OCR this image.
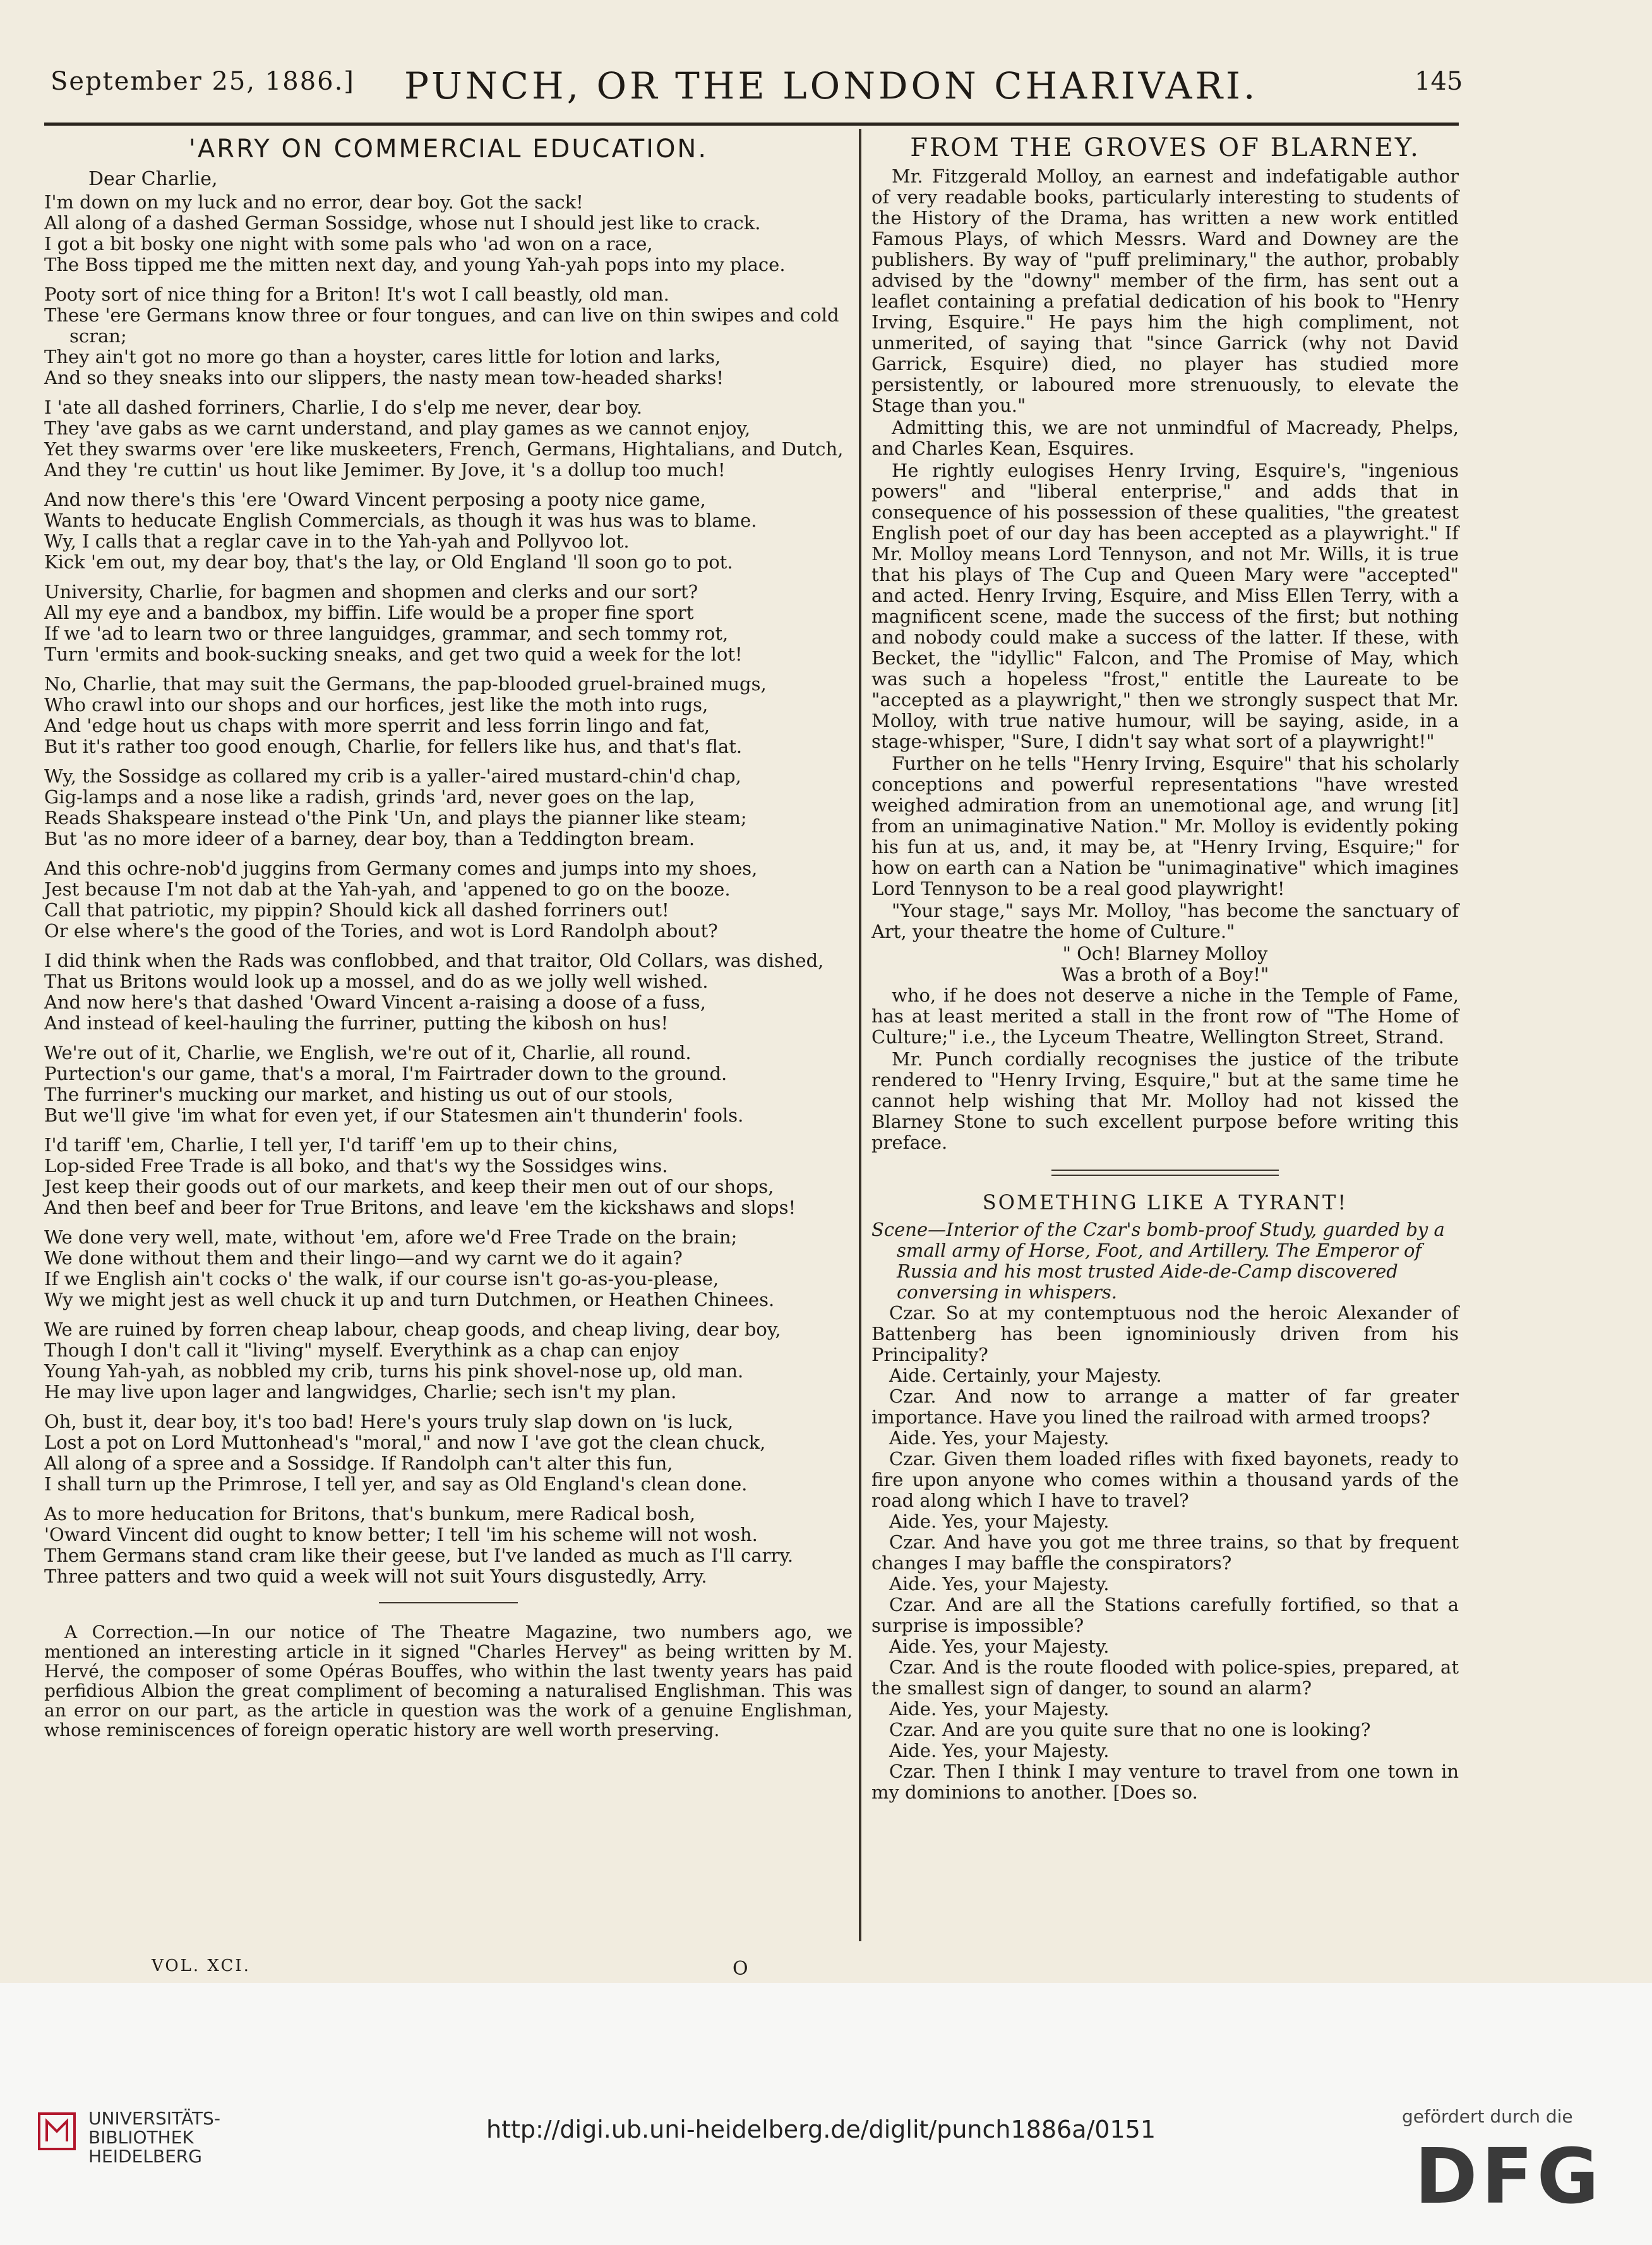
September 25, 1886.] PUNCH, OR THE LONDON CHARIVARI.	145
'ARRY ON COMMERCIAL EDUCATION.
Dear Charlie,
I'm down on my luck and no error, dear boy. Got the sack!
All along of a dashed German Sossidge, whose nut I should jest like to crack.
I got a bit bosky one night with some pals who 'ad won on a race,
The Boss tipped me the mitten next day, and young Yah-yah pops into my place.
Pooty sort of nice thing for a Briton! It's wot I call beastly, old man.
These 'ere Germans know three or four tongues, and can live on thin swipes and cold scran;
They ain't got no more go than a hoyster, cares little for lotion and larks,
And so they sneaks into our slippers, the nasty mean tow-headed sharks!
I 'ate all dashed forriners, Charlie, I do s'elp me never, dear boy.
They 'ave gabs as we carnt understand, and play games as we cannot enjoy,
Yet they swarms over 'ere like muskeeters, French, Germans, Hightalians, and Dutch,
And they 're cuttin' us hout like Jemimer. By Jove, it 's a dollup too much!
And now there's this 'ere 'Oward Vincent perposing a pooty nice game,
Wants to heducate English Commercials, as though it was hus was to blame.
Wy, I calls that a reglar cave in to the Yah-yah and Pollyvoo lot.
Kick 'em out, my dear boy, that's the lay, or Old England 'll soon go to pot.
University, Charlie, for bagmen and shopmen and clerks and our sort?
All my eye and a bandbox, my biffin. Life would be a proper fine sport
If we 'ad to learn two or three languidges, grammar, and sech tommy rot,
Turn 'ermits and book-sucking sneaks, and get two quid a week for the lot!
No, Charlie, that may suit the Germans, the pap-blooded gruel-brained mugs,
Who crawl into our shops and our horfices, jest like the moth into rugs,
And 'edge hout us chaps with more sperrit and less forrin lingo and fat,
But it's rather too good enough, Charlie, for fellers like hus, and that's flat.
Wy, the Sossidge as collared my crib is a yaller-'aired mustard-chin'd chap,
Gig-lamps and a nose like a radish, grinds 'ard, never goes on the lap,
Reads Shakspeare instead o'the Pink 'Un, and plays the pianner like steam;
But 'as no more ideer of a barney, dear boy, than a Teddington bream.
And this ochre-nob'd juggins from Germany comes and jumps into my shoes,
Jest because I'm not dab at the Yah-yah, and 'appened to go on the booze.
Call that patriotic, my pippin? Should kick all dashed forriners out!
Or else where's the good of the Tories, and wot is Lord Randolph about?
I did think when the Rads was conflobbed, and that traitor, Old Collars, was dished,
That us Britons would look up a mossel, and do as we jolly well wished.
And now here's that dashed 'Oward Vincent a-raising a doose of a fuss,
And instead of keel-hauling the furriner, putting the kibosh on hus!
We're out of it, Charlie, we English, we're out of it, Charlie, all round.
Purtection's our game, that's a moral, I'm Fairtrader down to the ground.
The furriner's mucking our market, and histing us out of our stools,
But we'll give 'im what for even yet, if our Statesmen ain't thunderin' fools.
I'd tariff 'em, Charlie, I tell yer, I'd tariff 'em up to their chins,
Lop-sided Free Trade is all boko, and that's wy the Sossidges wins.
Jest keep their goods out of our markets, and keep their men out of our shops,
And then beef and beer for True Britons, and leave 'em the kickshaws and slops!
We done very well, mate, without 'em, afore we'd Free Trade on the brain;
We done without them and their lingo—and wy carnt we do it again?
If we English ain't cocks o' the walk, if our course isn't go-as-you-please,
Wy we might jest as well chuck it up and turn Dutchmen, or Heathen Chinees.
We are ruined by forren cheap labour, cheap goods, and cheap living, dear boy,
Though I don't call it "living" myself. Everythink as a chap can enjoy
Young Yah-yah, as nobbled my crib, turns his pink shovel-nose up, old man.
He may live upon lager and langwidges, Charlie; sech isn't my plan.
Oh, bust it, dear boy, it's too bad! Here's yours truly slap down on 'is luck,
Lost a pot on Lord Muttonhead's "moral," and now I 'ave got the clean chuck,
All along of a spree and a Sossidge. If Randolph can't alter this fun,
I shall turn up the Primrose, I tell yer, and say as Old England's clean done.
As to more heducation for Britons, that's bunkum, mere Radical bosh,
'Oward Vincent did ought to know better; I tell 'im his scheme will not wosh.
Them Germans stand cram like their geese, but I've landed as much as I'll carry.
Three patters and two quid a week will not suit Yours disgustedly, Arry.
A Correction.—In our notice of The Theatre Magazine, two numbers ago, we mentioned an interesting article in it signed "Charles Hervey" as being written by M. Hervé, the composer of some Opéras Bouffes, who within the last twenty years has paid perfidious Albion the great compliment of becoming a naturalised Englishman. This was an error on our part, as the article in question was the work of a genuine Englishman, whose reminiscences of foreign operatic history are well worth preserving.
FROM THE GROVES OF BLARNEY.
Mr. Fitzgerald Molloy, an earnest and indefatigable author of very readable books, particularly interesting to students of the History of the Drama, has written a new work entitled Famous Plays, of which Messrs. Ward and Downey are the publishers. By way of "puff preliminary," the author, probably advised by the "downy" member of the firm, has sent out a leaflet containing a prefatial dedication of his book to "Henry Irving, Esquire." He pays him the high compliment, not unmerited, of saying that "since Garrick (why not David Garrick, Esquire) died, no player has studied more persistently, or laboured more strenuously, to elevate the Stage than you."
Admitting this, we are not unmindful of Macready, Phelps, and Charles Kean, Esquires.
He rightly eulogises Henry Irving, Esquire's, "ingenious powers" and "liberal enterprise," and adds that in consequence of his possession of these qualities, "the greatest English poet of our day has been accepted as a playwright." If Mr. Molloy means Lord Tennyson, and not Mr. Wills, it is true that his plays of The Cup and Queen Mary were "accepted" and acted. Henry Irving, Esquire, and Miss Ellen Terry, with a magnificent scene, made the success of the first; but nothing and nobody could make a success of the latter. If these, with Becket, the "idyllic" Falcon, and The Promise of May, which was such a hopeless "frost," entitle the Laureate to be "accepted as a playwright," then we strongly suspect that Mr. Molloy, with true native humour, will be saying, aside, in a stage-whisper, "Sure, I didn't say what sort of a playwright!"
Further on he tells "Henry Irving, Esquire" that his scholarly conceptions and powerful representations "have wrested weighed admiration from an unemotional age, and wrung [it] from an unimaginative Nation." Mr. Molloy is evidently poking his fun at us, and, it may be, at "Henry Irving, Esquire;" for how on earth can a Nation be "unimaginative" which imagines Lord Tennyson to be a real good playwright!
"Your stage," says Mr. Molloy, "has become the sanctuary of Art, your theatre the home of Culture."
" Och! Blarney Molloy
Was a broth of a Boy!"
who, if he does not deserve a niche in the Temple of Fame, has at least merited a stall in the front row of "The Home of Culture;" i.e., the Lyceum Theatre, Wellington Street, Strand.
Mr. Punch cordially recognises the justice of the tribute rendered to "Henry Irving, Esquire," but at the same time he cannot help wishing that Mr. Molloy had not kissed the Blarney Stone to such excellent purpose before writing this preface.
SOMETHING LIKE A TYRANT!
Scene—Interior of the Czar's bomb-proof Study, guarded by a small army of Horse, Foot, and Artillery. The Emperor of Russia and his most trusted Aide-de-Camp discovered conversing in whispers.
Czar. So at my contemptuous nod the heroic Alexander of Battenberg has been ignominiously driven from his Principality?
Aide. Certainly, your Majesty.
Czar. And now to arrange a matter of far greater importance. Have you lined the railroad with armed troops?
Aide. Yes, your Majesty.
Czar. Given them loaded rifles with fixed bayonets, ready to fire upon anyone who comes within a thousand yards of the road along which I have to travel?
Aide. Yes, your Majesty.
Czar. And have you got me three trains, so that by frequent changes I may baffle the conspirators?
Aide. Yes, your Majesty.
Czar. And are all the Stations carefully fortified, so that a surprise is impossible?
Aide. Yes, your Majesty.
Czar. And is the route flooded with police-spies, prepared, at the smallest sign of danger, to sound an alarm?
Aide. Yes, your Majesty.
Czar. And are you quite sure that no one is looking?
Aide. Yes, your Majesty.
Czar. Then I think I may venture to travel from one town in my dominions to another. [Does so.
VOL. XCI.	O
UNIVERSITÄTS-
BIBLIOTHEK
HEIDELBERG
http://digi.ub.uni-heidelberg.de/diglit/punch1886a/0151	gefördert durch die
DFG
